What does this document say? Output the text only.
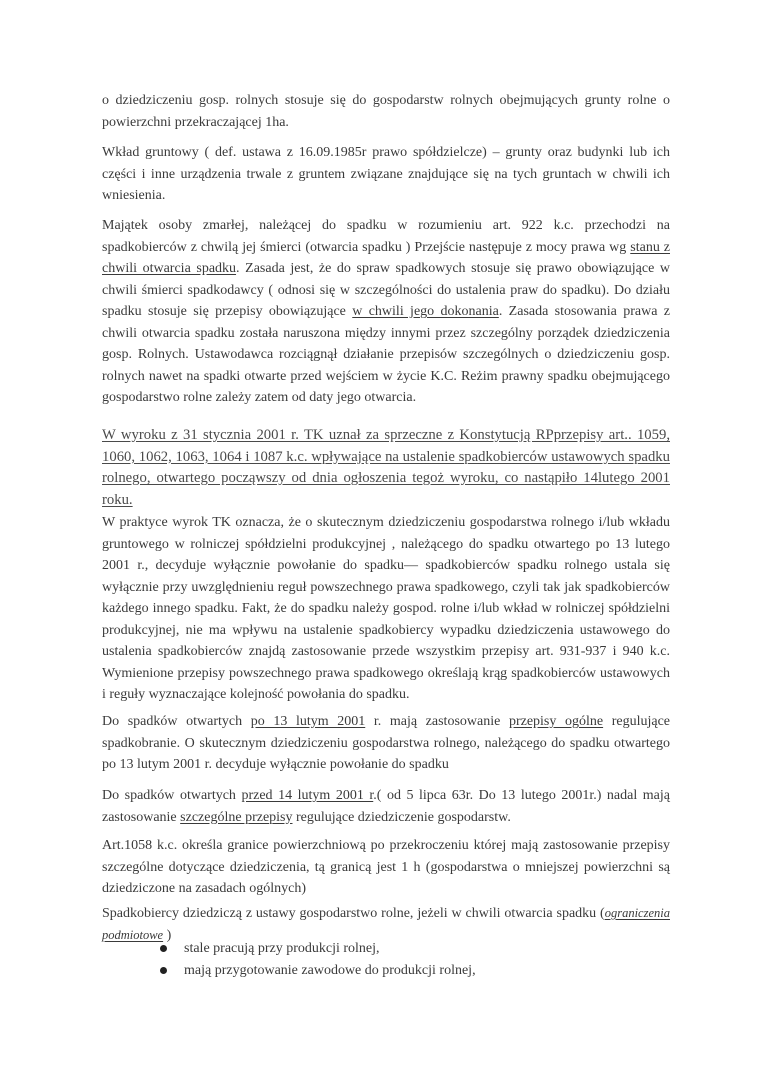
o dziedziczeniu gosp. rolnych stosuje się do gospodarstw rolnych obejmujących grunty rolne o powierzchni przekraczającej 1ha.
Wkład gruntowy ( def. ustawa z 16.09.1985r prawo spółdzielcze) – grunty oraz budynki lub ich części i inne urządzenia trwale z gruntem związane znajdujące się na tych gruntach w chwili ich wniesienia.
Majątek osoby zmarłej, należącej do spadku w rozumieniu art. 922 k.c. przechodzi na spadkobierców z chwilą jej śmierci (otwarcia spadku ) Przejście następuje z mocy prawa wg stanu z chwili otwarcia spadku. Zasada jest, że do spraw spadkowych stosuje się prawo obowiązujące w chwili śmierci spadkodawcy ( odnosi się w szczególności do ustalenia praw do spadku). Do działu spadku stosuje się przepisy obowiązujące w chwili jego dokonania. Zasada stosowania prawa z chwili otwarcia spadku została naruszona między innymi przez szczególny porządek dziedziczenia gosp. Rolnych. Ustawodawca rozciągnął działanie przepisów szczególnych o dziedziczeniu gosp. rolnych nawet na spadki otwarte przed wejściem w życie K.C. Reżim prawny spadku obejmującego gospodarstwo rolne zależy zatem od daty jego otwarcia.
W wyroku z 31 stycznia 2001 r. TK uznał za sprzeczne z Konstytucją RPprzepisy art.. 1059, 1060, 1062, 1063, 1064 i 1087 k.c. wpływające na ustalenie spadkobierców ustawowych spadku rolnego, otwartego począwszy od dnia ogłoszenia tegoż wyroku, co nastąpiło 14lutego 2001 roku.
W praktyce wyrok TK oznacza, że o skutecznym dziedziczeniu gospodarstwa rolnego i/lub wkładu gruntowego w rolniczej spółdzielni produkcyjnej , należącego do spadku otwartego po 13 lutego 2001 r., decyduje wyłącznie powołanie do spadku— spadkobierców spadku rolnego ustala się wyłącznie przy uwzględnieniu reguł powszechnego prawa spadkowego, czyli tak jak spadkobierców każdego innego spadku. Fakt, że do spadku należy gospod. rolne i/lub wkład w rolniczej spółdzielni produkcyjnej, nie ma wpływu na ustalenie spadkobiercy wypadku dziedziczenia ustawowego do ustalenia spadkobierców znajdą zastosowanie przede wszystkim przepisy art. 931-937 i 940 k.c. Wymienione przepisy powszechnego prawa spadkowego określają krąg spadkobierców ustawowych i reguły wyznaczające kolejność powołania do spadku.
Do spadków otwartych po 13 lutym 2001 r. mają zastosowanie przepisy ogólne regulujące spadkobranie. O skutecznym dziedziczeniu gospodarstwa rolnego, należącego do spadku otwartego po 13 lutym 2001 r. decyduje wyłącznie powołanie do spadku
Do spadków otwartych przed 14 lutym 2001 r.( od 5 lipca 63r. Do 13 lutego 2001r.) nadal mają zastosowanie szczególne przepisy regulujące dziedziczenie gospodarstw.
Art.1058 k.c. określa granice powierzchniową po przekroczeniu której mają zastosowanie przepisy szczególne dotyczące dziedziczenia, tą granicą jest 1 h (gospodarstwa o mniejszej powierzchni są dziedziczone na zasadach ogólnych)
Spadkobiercy dziedziczą z ustawy gospodarstwo rolne, jeżeli w chwili otwarcia spadku (ograniczenia podmiotowe )
stale pracują przy produkcji rolnej,
mają przygotowanie zawodowe do produkcji rolnej,
